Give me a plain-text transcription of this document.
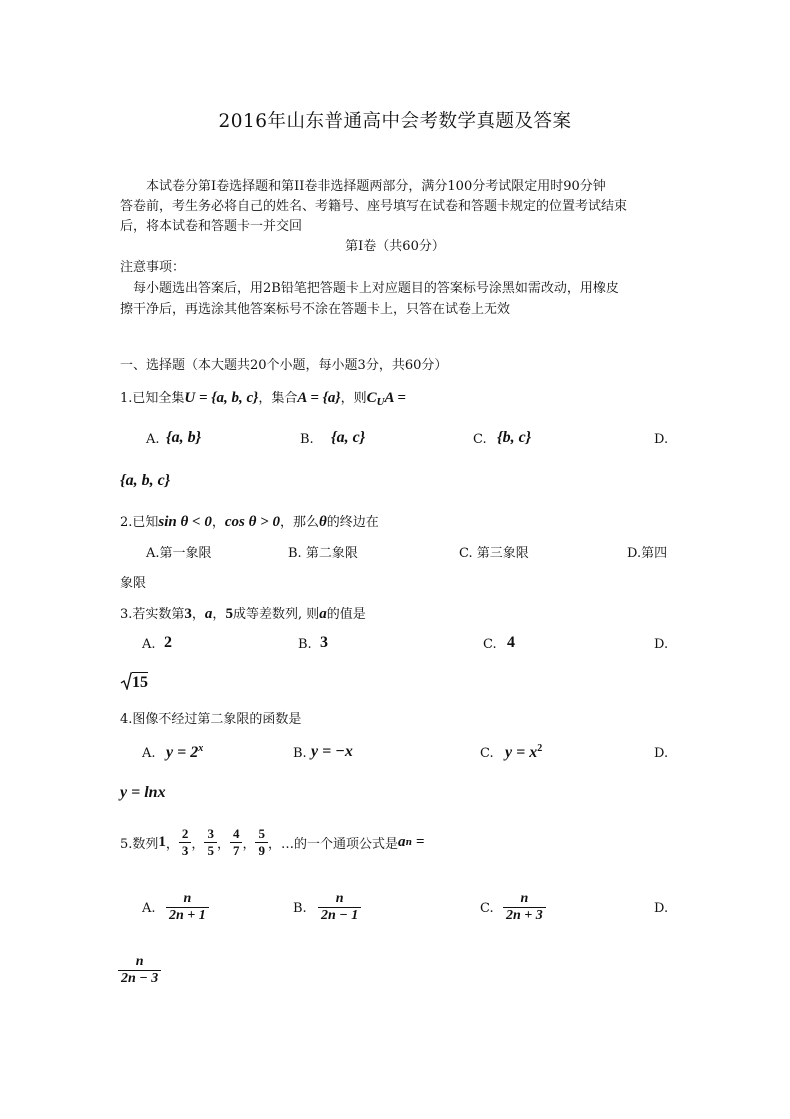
2016年山东普通高中会考数学真题及答案
本试卷分第Ⅰ卷选择题和第II卷非选择题两部分，满分100分考试限定用时90分钟
答卷前，考生务必将自己的姓名、考籍号、座号填写在试卷和答题卡规定的位置考试结束
后，将本试卷和答题卡一并交回
第Ⅰ卷（共60分）
注意事项：
每小题选出答案后，用2B铅笔把答题卡上对应题目的答案标号涂黑如需改动，用橡皮
擦干净后，再选涂其他答案标号不涂在答题卡上，只答在试卷上无效
一、选择题（本大题共20个小题，每小题3分，共60分）
1.已知全集U = {a, b, c}，集合A = {a}，则$C_UA$ =
A. {a, b}	B. {a, c}	C. {b, c}	D.
{a, b, c}
2.已知sin θ < 0，cos θ > 0，那么θ的终边在
A.第一象限	B. 第二象限	C. 第三象限	D.第四
象限
3.若实数第3，a，5成等差数列, 则a的值是
A. 2	B. 3	C. 4	D.
15
4.图像不经过第二象限的函数是
A. $y = 2^x$	B. y = −x	C. $y = x^2$	D.
y = lnx
5.数列 1 ， $\frac{2}{3}$ ， $\frac{3}{5}$ ， $\frac{4}{7}$ ， $\frac{5}{9}$ ，…的一个通项公式是 a n =
A. $\frac{n}{2n + 1}$	B. $\frac{n}{2n - 1}$	C. $\frac{n}{2n + 3}$	D.
$\frac{n}{2n - 3}$
